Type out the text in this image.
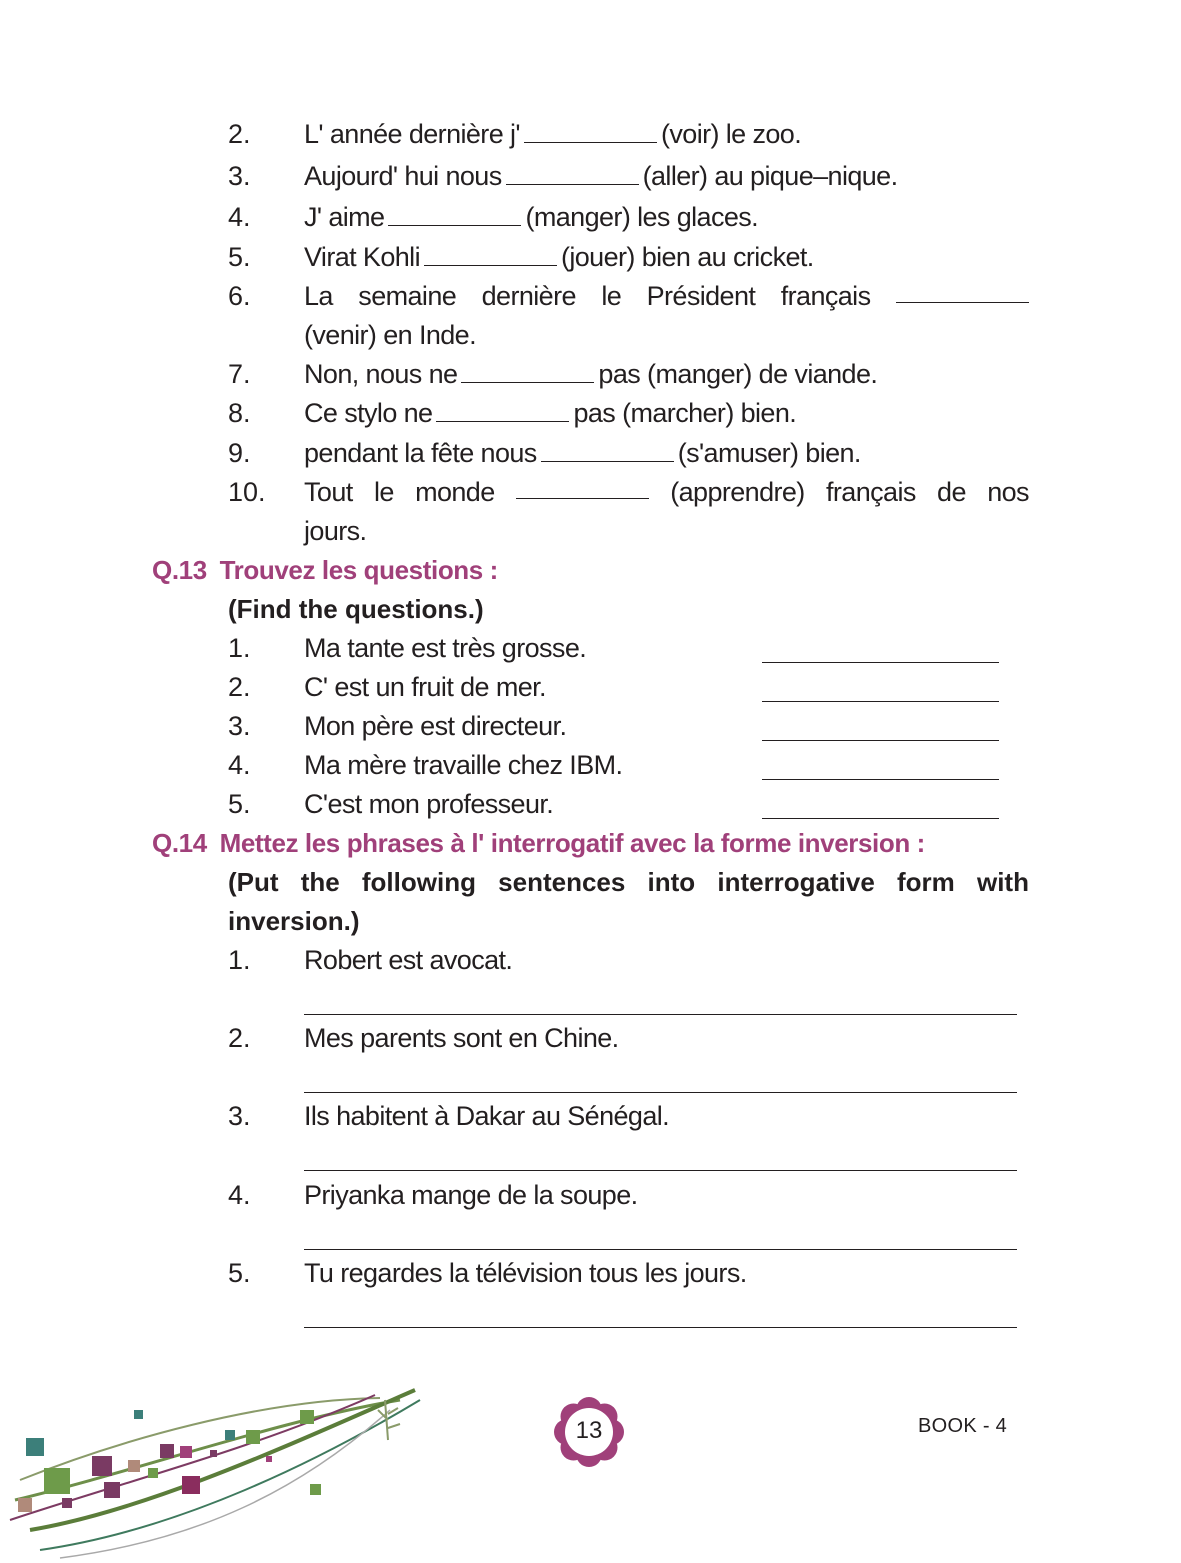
2. L' année dernière j'	(voir) le zoo.
3. Aujourd' hui nous	(aller) au pique–nique.
4. J' aime	(manger) les glaces.
5. Virat Kohli	(jouer) bien au cricket.
6. La semaine dernière le Président français
(venir) en Inde.
7. Non, nous ne	pas (manger) de viande.
8. Ce stylo ne	pas (marcher) bien.
9. pendant la fête nous	(s'amuser) bien.
10. Tout le monde	(apprendre) français de nos
jours.
Q.13 Trouvez les questions :
(Find the questions.)
1. Ma tante est très grosse.
2. C' est un fruit de mer.
3. Mon père est directeur.
4. Ma mère travaille chez IBM.
5. C'est mon professeur.
Q.14 Mettez les phrases à l' interrogatif avec la forme inversion :
(Put the following sentences into interrogative form with
inversion.)
1. Robert est avocat.
2. Mes parents sont en Chine.
3. Ils habitent à Dakar au Sénégal.
4. Priyanka mange de la soupe.
5. Tu regardes la télévision tous les jours.
13	BOOK - 4
